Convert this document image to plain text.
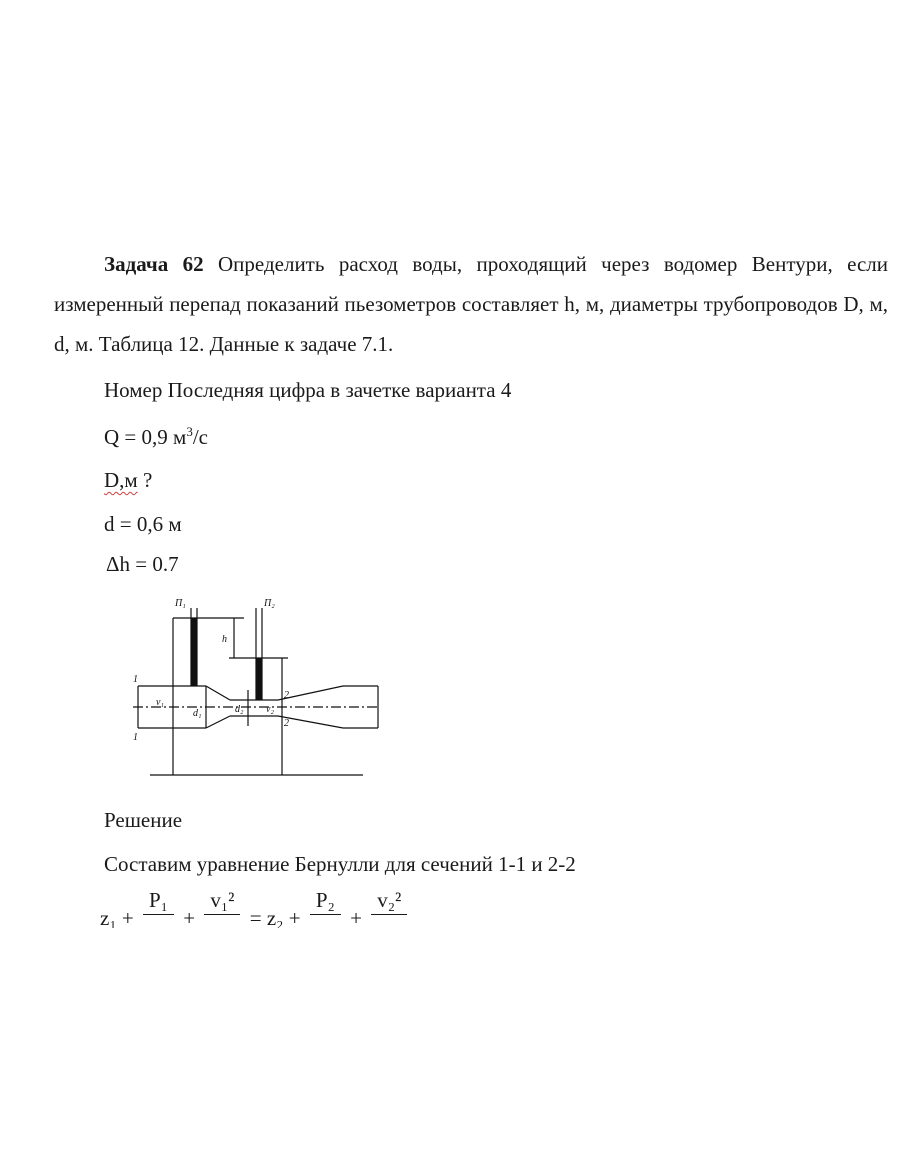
Задача 62 Определить расход воды, проходящий через водомер Вентури, если измеренный перепад показаний пьезометров составляет h, м, диаметры трубопроводов D, м, d, м. Таблица 12. Данные к задаче 7.1.
Номер Последняя цифра в зачетке варианта 4
Q = 0,9 $м^3/с$
D,м ?
d = 0,6 м
Δh = 0.7
П₁	П₂
h
1
1
2
2
v₁
v₂
d₁	d₂
Решение
Составим уравнение Бернулли для сечений 1-1 и 2-2
z₁ +
P₁
+
v₁²
= z₂ +
P₂
+
v₂²
